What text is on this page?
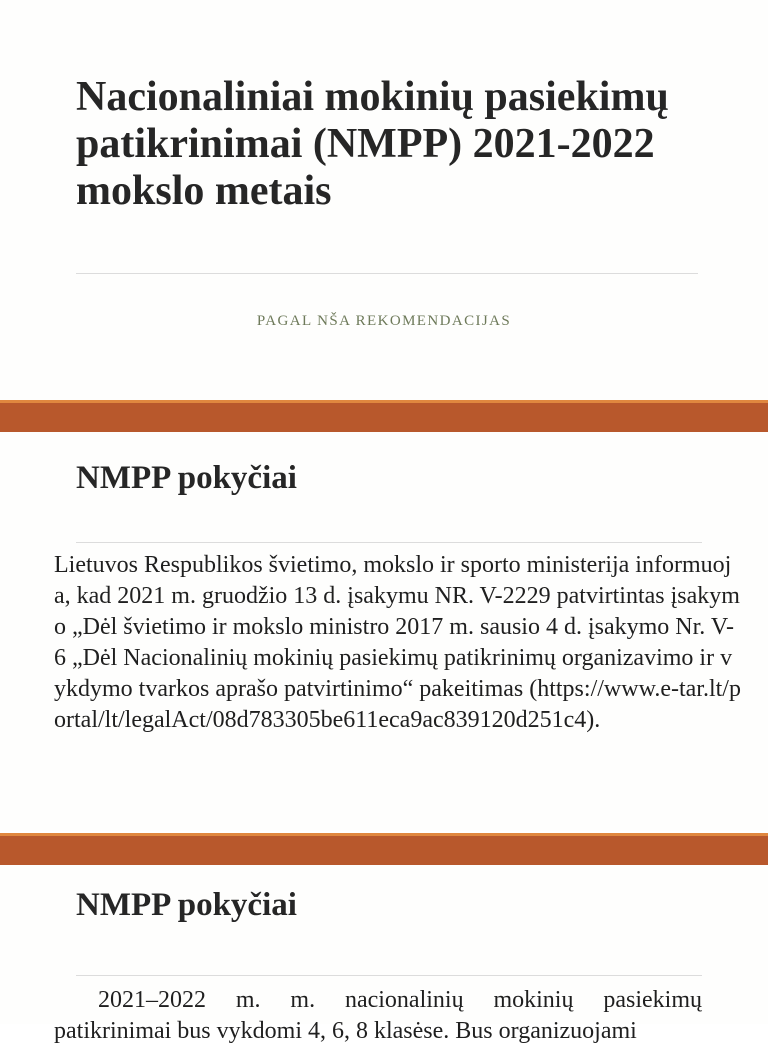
Nacionaliniai mokinių pasiekimų patikrinimai (NMPP) 2021-2022 mokslo metais
PAGAL NŠA REKOMENDACIJAS
NMPP pokyčiai

Lietuvos Respublikos švietimo, mokslo ir sporto ministerija informuoja, kad 2021 m. gruodžio 13 d. įsakymu NR. V-2229 patvirtintas įsakymo „Dėl švietimo ir mokslo ministro 2017 m. sausio 4 d. įsakymo Nr. V-6 „Dėl Nacionalinių mokinių pasiekimų patikrinimų organizavimo ir vykdymo tvarkos aprašo patvirtinimo“ pakeitimas (https://www.e-tar.lt/portal/lt/legalAct/08d783305be611eca9ac839120d251c4).

NMPP pokyčiai

2021–2022 m. m. nacionalinių mokinių pasiekimų patikrinimai bus vykdomi 4, 6, 8 klasėse. Bus organizuojami
